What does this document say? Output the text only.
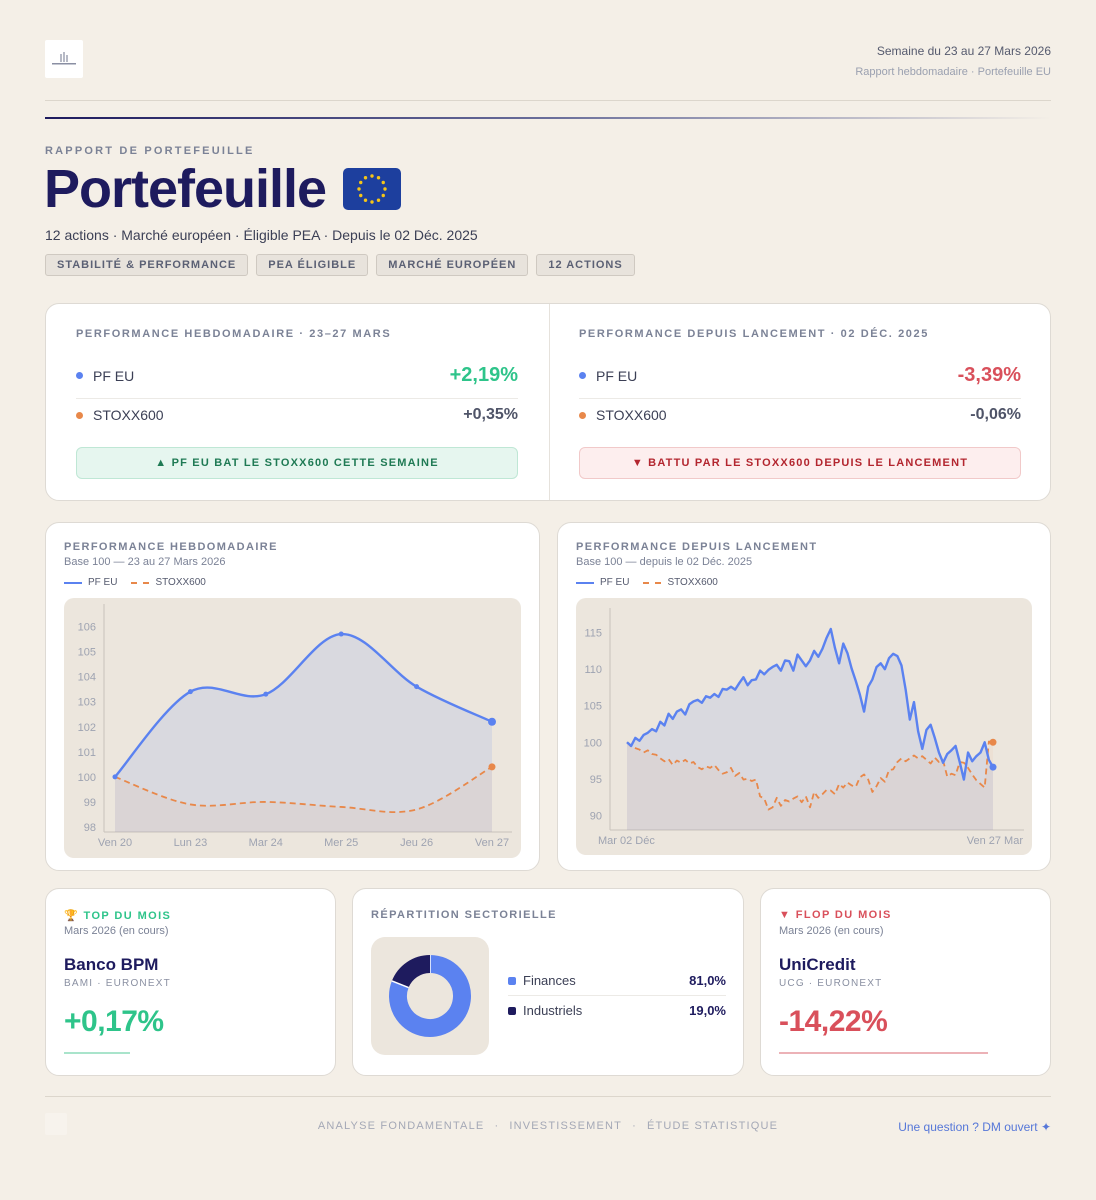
Semaine du 23 au 27 Mars 2026
Rapport hebdomadaire · Portefeuille EU
RAPPORT DE PORTEFEUILLE
Portefeuille
12 actions · Marché européen · Éligible PEA · Depuis le 02 Déc. 2025
STABILITÉ & PERFORMANCE	PEA ÉLIGIBLE	MARCHÉ EUROPÉEN	12 ACTIONS
PERFORMANCE HEBDOMADAIRE · 23–27 MARS
PF EU	+2,19%
STOXX600	+0,35%
▲ PF EU BAT LE STOXX600 CETTE SEMAINE
PERFORMANCE DEPUIS LANCEMENT · 02 DÉC. 2025
PF EU	-3,39%
STOXX600	-0,06%
▼ BATTU PAR LE STOXX600 DEPUIS LE LANCEMENT
PERFORMANCE HEBDOMADAIRE
Base 100 — 23 au 27 Mars 2026
PF EU	STOXX600
98
99
100
101
102
103
104
105
106
Ven 20	Lun 23	Mar 24	Mer 25	Jeu 26	Ven 27
PERFORMANCE DEPUIS LANCEMENT
Base 100 — depuis le 02 Déc. 2025
PF EU	STOXX600
90
95
100
105
110
115
Mar 02 Déc	Ven 27 Mar
🏆 TOP DU MOIS
Mars 2026 (en cours)
Banco BPM
BAMI · EURONEXT
+0,17%
RÉPARTITION SECTORIELLE
Finances	81,0%
Industriels	19,0%
▼ FLOP DU MOIS
Mars 2026 (en cours)
UniCredit
UCG · EURONEXT
-14,22%
ANALYSE FONDAMENTALE · INVESTISSEMENT · ÉTUDE STATISTIQUE	Une question ? DM ouvert ✦
